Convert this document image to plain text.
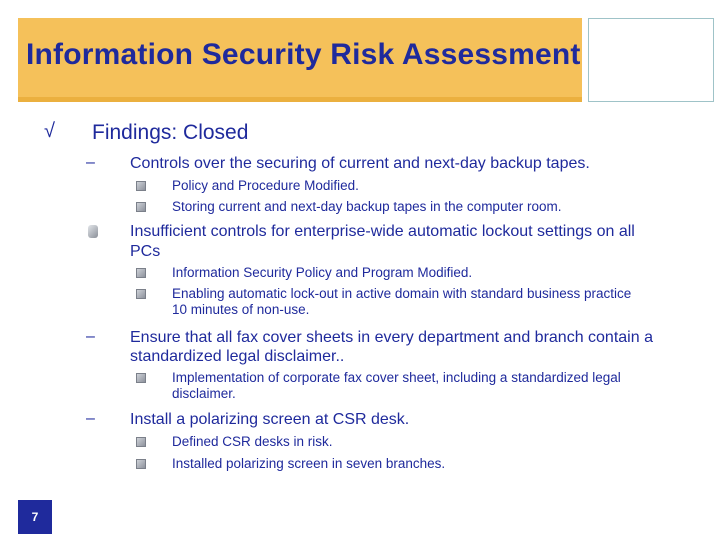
Information Security Risk Assessment
√ Findings: Closed
– Controls over the securing of current and next-day backup tapes.
Policy and Procedure Modified.
Storing current and next-day backup tapes in the computer room.
Insufficient controls for enterprise-wide automatic lockout settings on all
PCs
Information Security Policy and Program Modified.
Enabling automatic lock-out in active domain with standard business practice
10 minutes of non-use.
– Ensure that all fax cover sheets in every department and branch contain a
standardized legal disclaimer..
Implementation of corporate fax cover sheet, including a standardized legal
disclaimer.
– Install a polarizing screen at CSR desk.
Defined CSR desks in risk.
Installed polarizing screen in seven branches.
7
